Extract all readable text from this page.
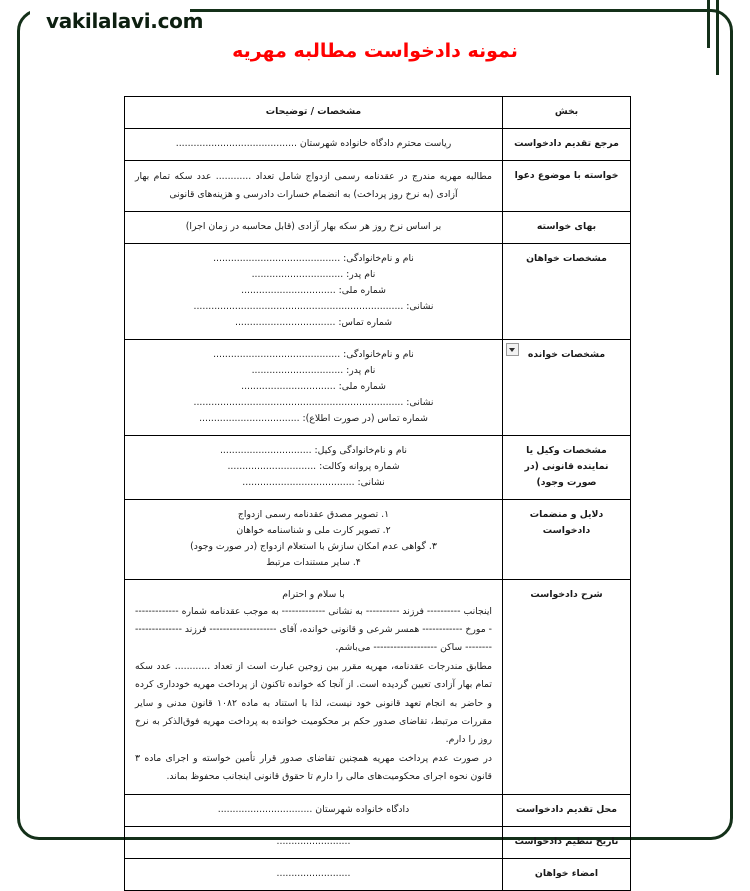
vakilalavi.com
نمونه دادخواست مطالبه مهریه
بخش	مشخصات / توضیحات
مرجع تقدیم دادخواست	ریاست محترم دادگاه خانواده شهرستان .........................................

خواسته با موضوع دعوا	مطالبه مهریه مندرج در عقدنامه رسمی ازدواج شامل تعداد ............ عدد سکه تمام بهار آزادی (به نرخ روز پرداخت) به انضمام خسارات دادرسی و هزینه‌های قانونی

بهای خواسته	بر اساس نرخ روز هر سکه بهار آزادی (قابل محاسبه در زمان اجرا)

مشخصات خواهان	نام و نام‌خانوادگی: ...........................................
نام پدر: ...............................
شماره ملی: ................................
نشانی: .......................................................................
شماره تماس: ..................................

مشخصات خوانده	نام و نام‌خانوادگی: ...........................................
نام پدر: ...............................
شماره ملی: ................................
نشانی: .......................................................................
شماره تماس (در صورت اطلاع): ..................................

مشخصات وکیل یا نماینده قانونی (در صورت وجود)	نام و نام‌خانوادگی وکیل: ...............................
شماره پروانه وکالت: ..............................
نشانی: ......................................

دلایل و منضمات دادخواست	۱. تصویر مصدق عقدنامه رسمی ازدواج
۲. تصویر کارت ملی و شناسنامه خواهان
۳. گواهی عدم امکان سازش با استعلام ازدواج (در صورت وجود)
۴. سایر مستندات مرتبط

شرح دادخواست	با سلام و احترام
اینجانب ---------- فرزند ---------- به نشانی ------------- به موجب عقدنامه شماره -------------- مورخ ------------ همسر شرعی و قانونی خوانده، آقای -------------------- فرزند ---------------------- ساکن ------------------- می‌باشم.
مطابق مندرجات عقدنامه، مهریه مقرر بین زوجین عبارت است از تعداد ............ عدد سکه تمام بهار آزادی تعیین گردیده است. از آنجا که خوانده تاکنون از پرداخت مهریه خودداری کرده و حاضر به انجام تعهد قانونی خود نیست، لذا با استناد به ماده ۱۰۸۲ قانون مدنی و سایر مقررات مرتبط، تقاضای صدور حکم بر محکومیت خوانده به پرداخت مهریه فوق‌الذکر به نرخ روز را دارم.
در صورت عدم پرداخت مهریه همچنین تقاضای صدور قرار تأمین خواسته و اجرای ماده ۳ قانون نحوه اجرای محکومیت‌های مالی را دارم تا حقوق قانونی اینجانب محفوظ بماند.

محل تقدیم دادخواست	دادگاه خانواده شهرستان ................................

تاریخ تنظیم دادخواست	.........................

امضاء خواهان	.........................
